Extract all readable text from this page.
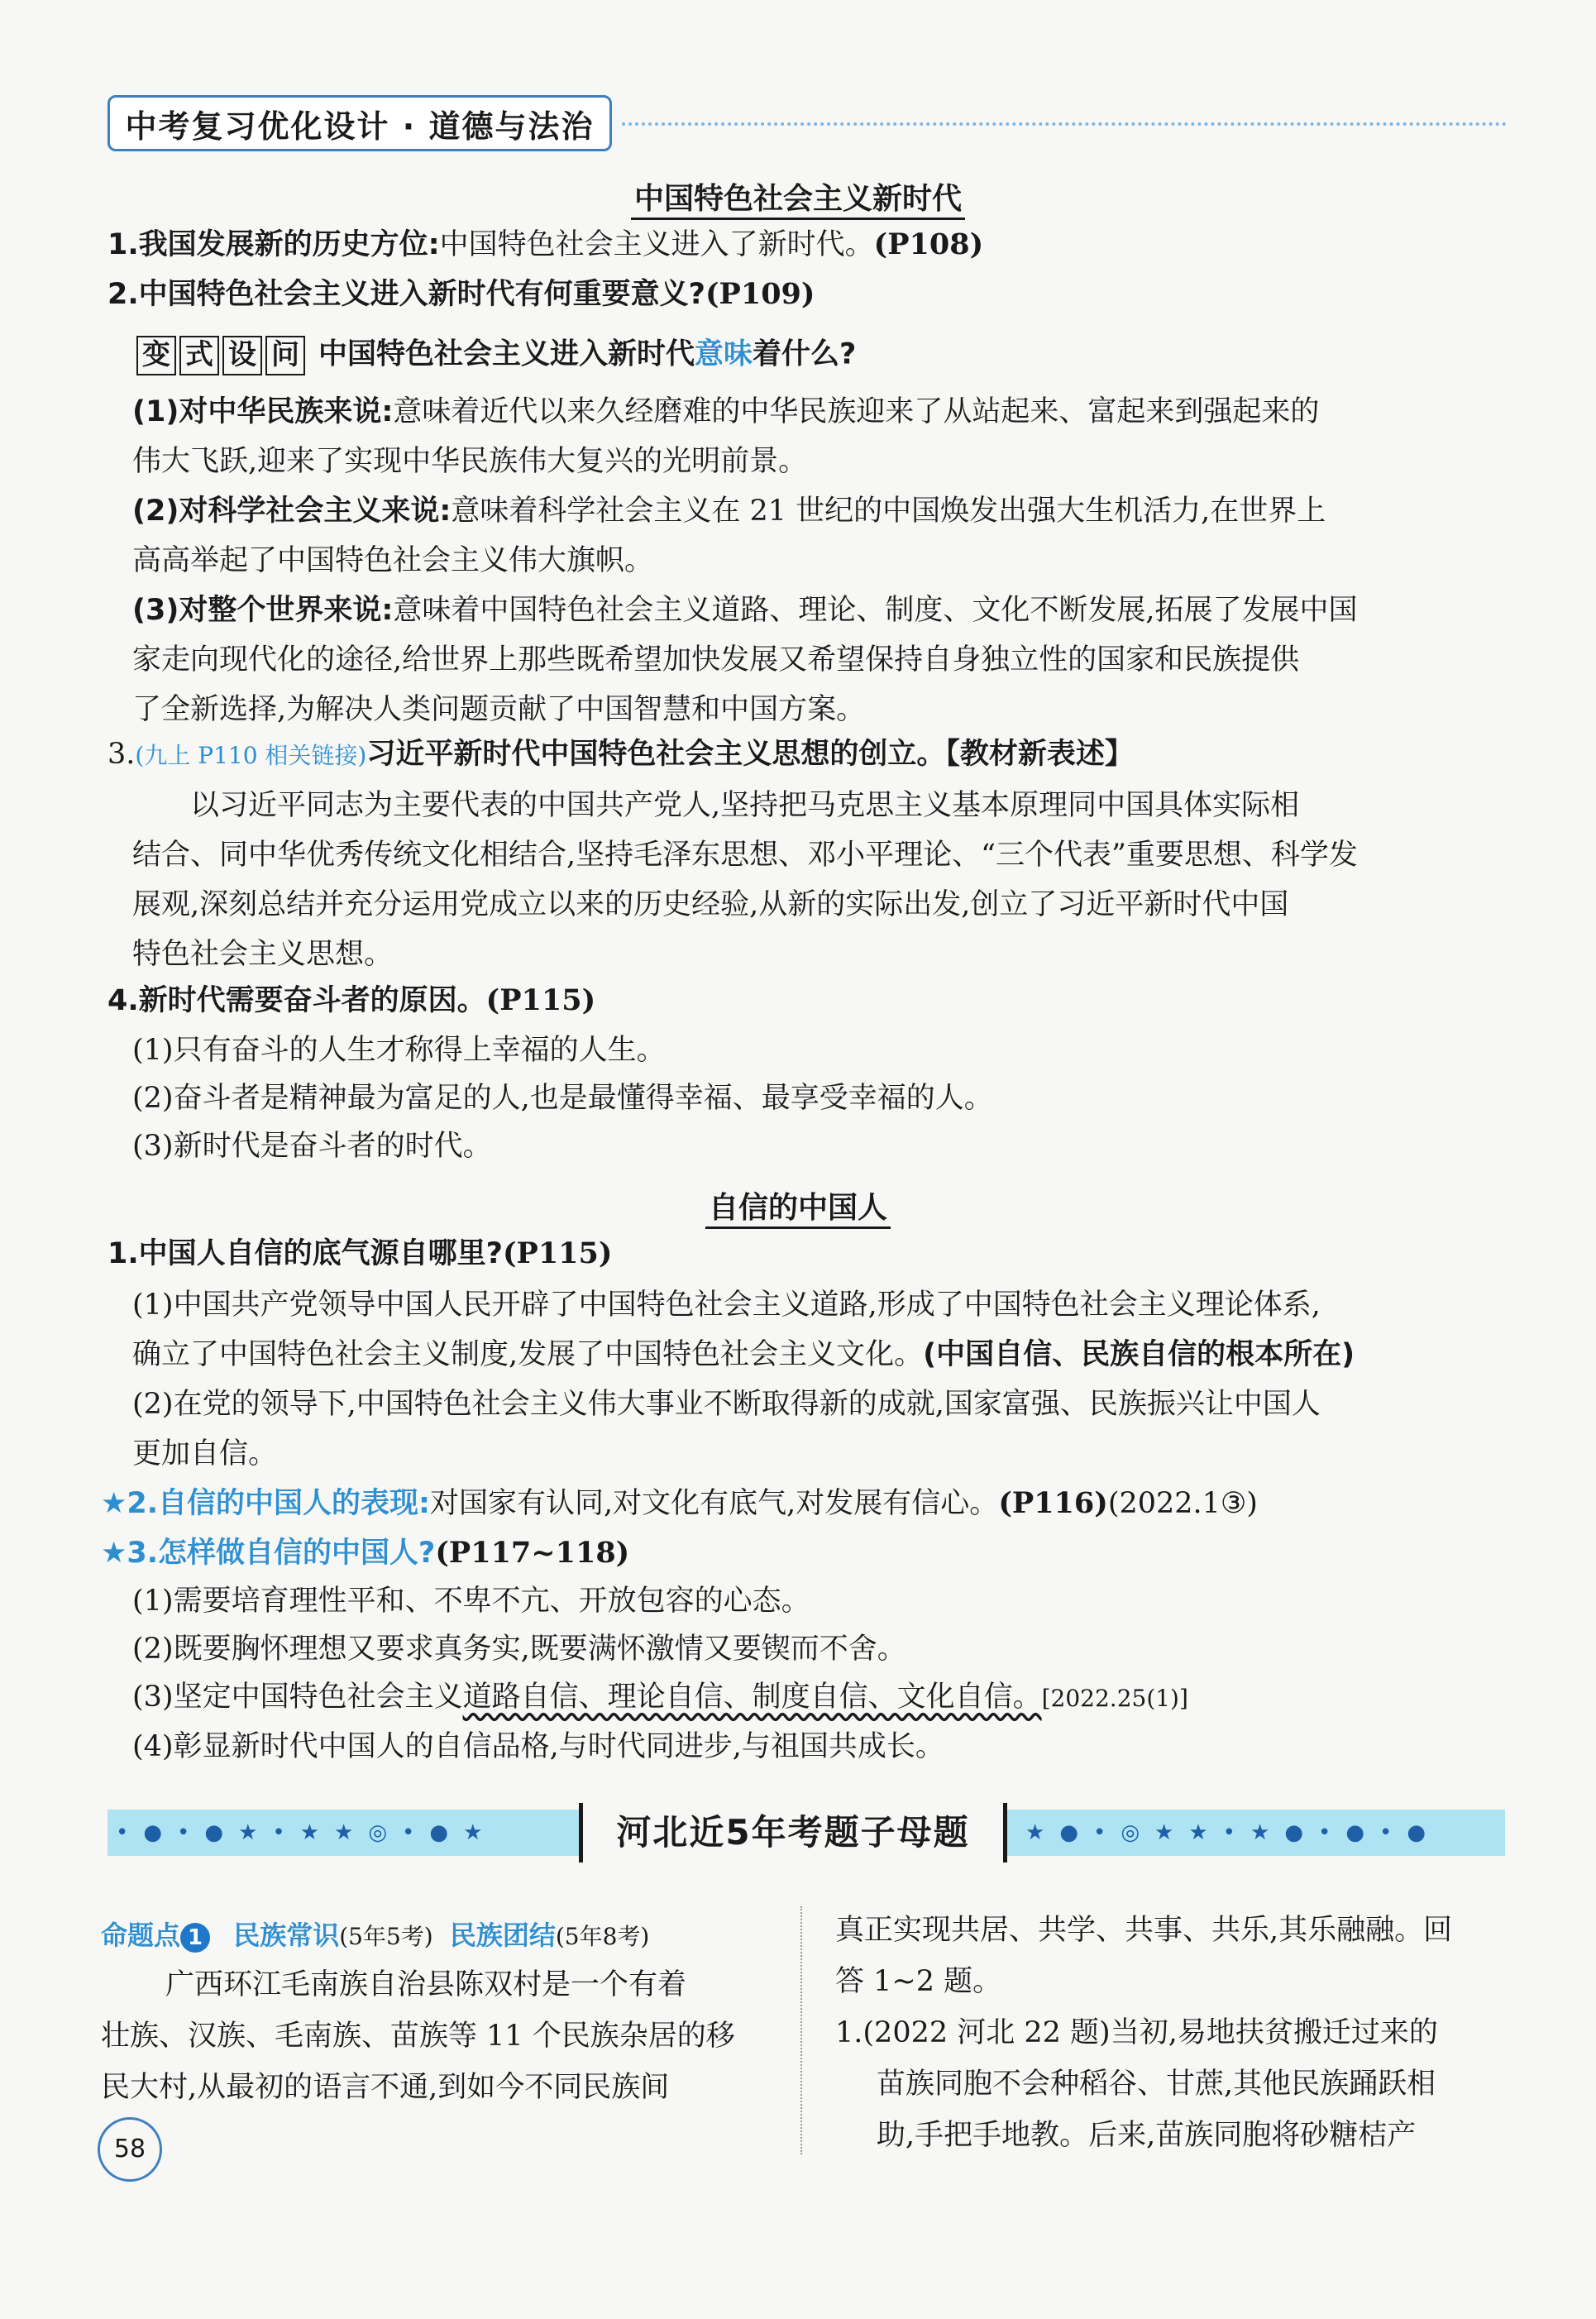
中考复习优化设计 · 道德与法治
中国特色社会主义新时代
1.我国发展新的历史方位:中国特色社会主义进入了新时代。(P108)
2.中国特色社会主义进入新时代有何重要意义?(P109)
变 式 设 问 中国特色社会主义进入新时代意味着什么?
(1)对中华民族来说:意味着近代以来久经磨难的中华民族迎来了从站起来、富起来到强起来的
伟大飞跃,迎来了实现中华民族伟大复兴的光明前景。
(2)对科学社会主义来说:意味着科学社会主义在 21 世纪的中国焕发出强大生机活力,在世界上
高高举起了中国特色社会主义伟大旗帜。
(3)对整个世界来说:意味着中国特色社会主义道路、理论、制度、文化不断发展,拓展了发展中国
家走向现代化的途径,给世界上那些既希望加快发展又希望保持自身独立性的国家和民族提供
了全新选择,为解决人类问题贡献了中国智慧和中国方案。
3.(九上 P110 相关链接)习近平新时代中国特色社会主义思想的创立。【教材新表述】
以习近平同志为主要代表的中国共产党人,坚持把马克思主义基本原理同中国具体实际相
结合、同中华优秀传统文化相结合,坚持毛泽东思想、邓小平理论、“三个代表”重要思想、科学发
展观,深刻总结并充分运用党成立以来的历史经验,从新的实际出发,创立了习近平新时代中国
特色社会主义思想。
4.新时代需要奋斗者的原因。(P115)
(1)只有奋斗的人生才称得上幸福的人生。
(2)奋斗者是精神最为富足的人,也是最懂得幸福、最享受幸福的人。
(3)新时代是奋斗者的时代。
自信的中国人
1.中国人自信的底气源自哪里?(P115)
(1)中国共产党领导中国人民开辟了中国特色社会主义道路,形成了中国特色社会主义理论体系,
确立了中国特色社会主义制度,发展了中国特色社会主义文化。(中国自信、民族自信的根本所在)
(2)在党的领导下,中国特色社会主义伟大事业不断取得新的成就,国家富强、民族振兴让中国人
更加自信。
★2.自信的中国人的表现:对国家有认同,对文化有底气,对发展有信心。(P116)(2022.1③)
★3.怎样做自信的中国人?(P117~118)
(1)需要培育理性平和、不卑不亢、开放包容的心态。
(2)既要胸怀理想又要求真务实,既要满怀激情又要锲而不舍。
(3)坚定中国特色社会主义道路自信、理论自信、制度自信、文化自信。[2022.25(1)]
(4)彰显新时代中国人的自信品格,与时代同进步,与祖国共成长。
• ● • ● ★ • ★ ★ ◎ • ● ★	★ ● • ◎ ★ ★ • ★ ● • ● • ●
河北近5年考题子母题
命题点 1 民族常识(5年5考) 民族团结(5年8考)
广西环江毛南族自治县陈双村是一个有着
壮族、汉族、毛南族、苗族等 11 个民族杂居的移
民大村,从最初的语言不通,到如今不同民族间
真正实现共居、共学、共事、共乐,其乐融融。回
答 1~2 题。
1.(2022 河北 22 题)当初,易地扶贫搬迁过来的
苗族同胞不会种稻谷、甘蔗,其他民族踊跃相
助,手把手地教。后来,苗族同胞将砂糖桔产
58
